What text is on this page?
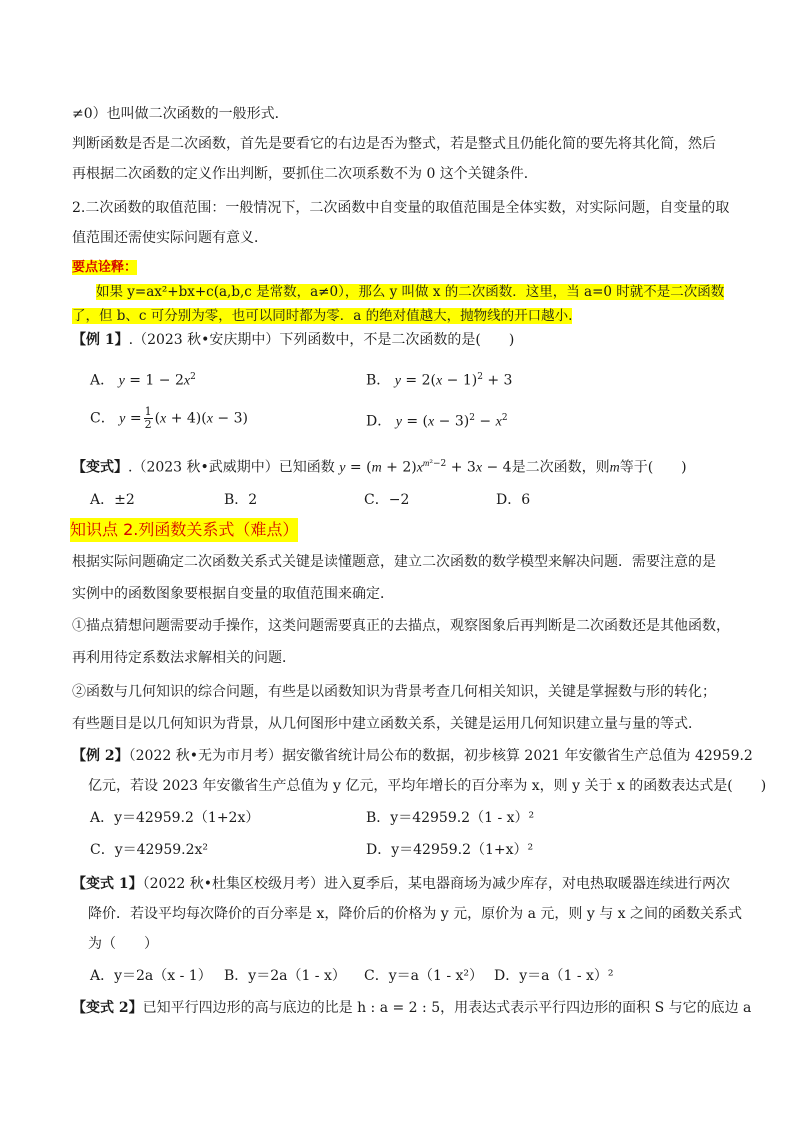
≠0）也叫做二次函数的一般形式．
判断函数是否是二次函数，首先是要看它的右边是否为整式，若是整式且仍能化简的要先将其化简，然后
再根据二次函数的定义作出判断，要抓住二次项系数不为 0 这个关键条件．
2.二次函数的取值范围：一般情况下，二次函数中自变量的取值范围是全体实数，对实际问题，自变量的取
值范围还需使实际问题有意义．
要点诠释：
如果 y=ax²+bx+c(a,b,c 是常数，a≠0），那么 y 叫做 x 的二次函数．这里，当 a=0 时就不是二次函数
了，但 b、c 可分别为零，也可以同时都为零．a 的绝对值越大，抛物线的开口越小.
【例 1】.（2023 秋•安庆期中）下列函数中，不是二次函数的是(　　)
A． $y = 1 - 2x^2$	B． $y = 2(x - 1)^2 + 3$
C． $y = \frac{1}{2} (x + 4)(x - 3)$	D． $y = (x - 3)^2 - x^2$
【变式】.（2023 秋•武威期中）已知函数 $y = (m + 2)x^{m^2-2} + 3x - 4$是二次函数，则m等于(　　)
A．±2	B．2	C．−2	D．6
知识点 2.列函数关系式（难点）
根据实际问题确定二次函数关系式关键是读懂题意，建立二次函数的数学模型来解决问题．需要注意的是
实例中的函数图象要根据自变量的取值范围来确定．
①描点猜想问题需要动手操作，这类问题需要真正的去描点，观察图象后再判断是二次函数还是其他函数，
再利用待定系数法求解相关的问题．
②函数与几何知识的综合问题，有些是以函数知识为背景考查几何相关知识，关键是掌握数与形的转化；
有些题目是以几何知识为背景，从几何图形中建立函数关系，关键是运用几何知识建立量与量的等式．
【例 2】（2022 秋•无为市月考）据安徽省统计局公布的数据，初步核算 2021 年安徽省生产总值为 42959.2
亿元，若设 2023 年安徽省生产总值为 y 亿元，平均年增长的百分率为 x，则 y 关于 x 的函数表达式是(　　)
A．y＝42959.2（1+2x）	B．y＝42959.2（1 - x）²
C．y＝42959.2x²	D．y＝42959.2（1+x）²
【变式 1】（2022 秋•杜集区校级月考）进入夏季后，某电器商场为减少库存，对电热取暖器连续进行两次
降价．若设平均每次降价的百分率是 x，降价后的价格为 y 元，原价为 a 元，则 y 与 x 之间的函数关系式
为（　　）
A．y＝2a（x - 1） B．y＝2a（1 - x） C．y＝a（1 - x²） D．y＝a（1 - x）²
【变式 2】已知平行四边形的高与底边的比是 h : a = 2 : 5，用表达式表示平行四边形的面积 S 与它的底边 a
